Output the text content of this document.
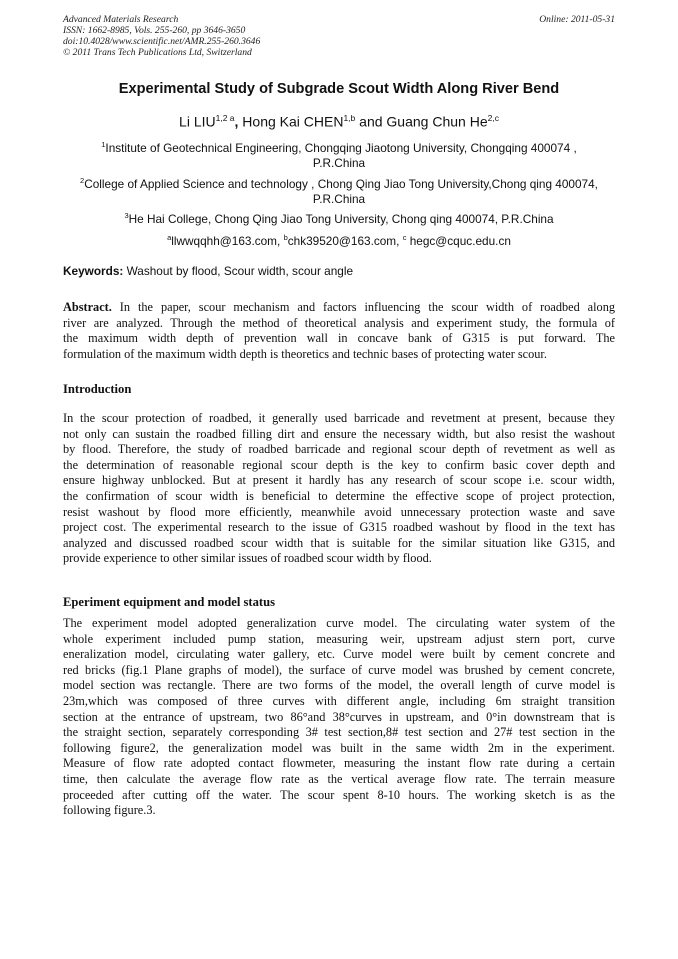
Advanced Materials Research
ISSN: 1662-8985, Vols. 255-260, pp 3646-3650
doi:10.4028/www.scientific.net/AMR.255-260.3646
© 2011 Trans Tech Publications Ltd, Switzerland
Online: 2011-05-31
Experimental Study of Subgrade Scout Width Along River Bend
Li $LIU^{1,2 a}$, Hong Kai CHEN$^{1,b}$ and Guang Chun He$^{2,c}$
$^1$Institute of Geotechnical Engineering, Chongqing Jiaotong University, Chongqing 400074 ,
P.R.China
$^2$College of Applied Science and technology , Chong Qing Jiao Tong University,Chong qing 400074,
P.R.China
$^3$He Hai College, Chong Qing Jiao Tong University, Chong qing 400074, P.R.China
$^a$llwwqqhh@163.com, $^b$chk39520@163.com, $^c$ hegc@cquc.edu.cn
Keywords: Washout by flood, Scour width, scour angle
Abstract. In the paper, scour mechanism and factors influencing the scour width of roadbed along
river are analyzed. Through the method of theoretical analysis and experiment study, the formula of
the maximum width depth of prevention wall in concave bank of G315 is put forward. The
formulation of the maximum width depth is theoretics and technic bases of protecting water scour.
Introduction
In the scour protection of roadbed, it generally used barricade and revetment at present, because they
not only can sustain the roadbed filling dirt and ensure the necessary width, but also resist the washout
by flood. Therefore, the study of roadbed barricade and regional scour depth of revetment as well as
the determination of reasonable regional scour depth is the key to confirm basic cover depth and
ensure highway unblocked. But at present it hardly has any research of scour scope i.e. scour width,
the confirmation of scour width is beneficial to determine the effective scope of project protection,
resist washout by flood more efficiently, meanwhile avoid unnecessary protection waste and save
project cost. The experimental research to the issue of G315 roadbed washout by flood in the text has
analyzed and discussed roadbed scour width that is suitable for the similar situation like G315, and
provide experience to other similar issues of roadbed scour width by flood.
Eperiment equipment and model status
The experiment model adopted generalization curve model. The circulating water system of the
whole experiment included pump station, measuring weir, upstream adjust stern port, curve
eneralization model, circulating water gallery, etc. Curve model were built by cement concrete and
red bricks (fig.1 Plane graphs of model), the surface of curve model was brushed by cement concrete,
model section was rectangle. There are two forms of the model, the overall length of curve model is
23m,which was composed of three curves with different angle, including 6m straight transition
section at the entrance of upstream, two 86°and 38°curves in upstream, and 0°in downstream that is
the straight section, separately corresponding 3# test section,8# test section and 27# test section in the
following figure2, the generalization model was built in the same width 2m in the experiment.
Measure of flow rate adopted contact flowmeter, measuring the instant flow rate during a certain
time, then calculate the average flow rate as the vertical average flow rate. The terrain measure
proceeded after cutting off the water. The scour spent 8-10 hours. The working sketch is as the
following figure.3.
